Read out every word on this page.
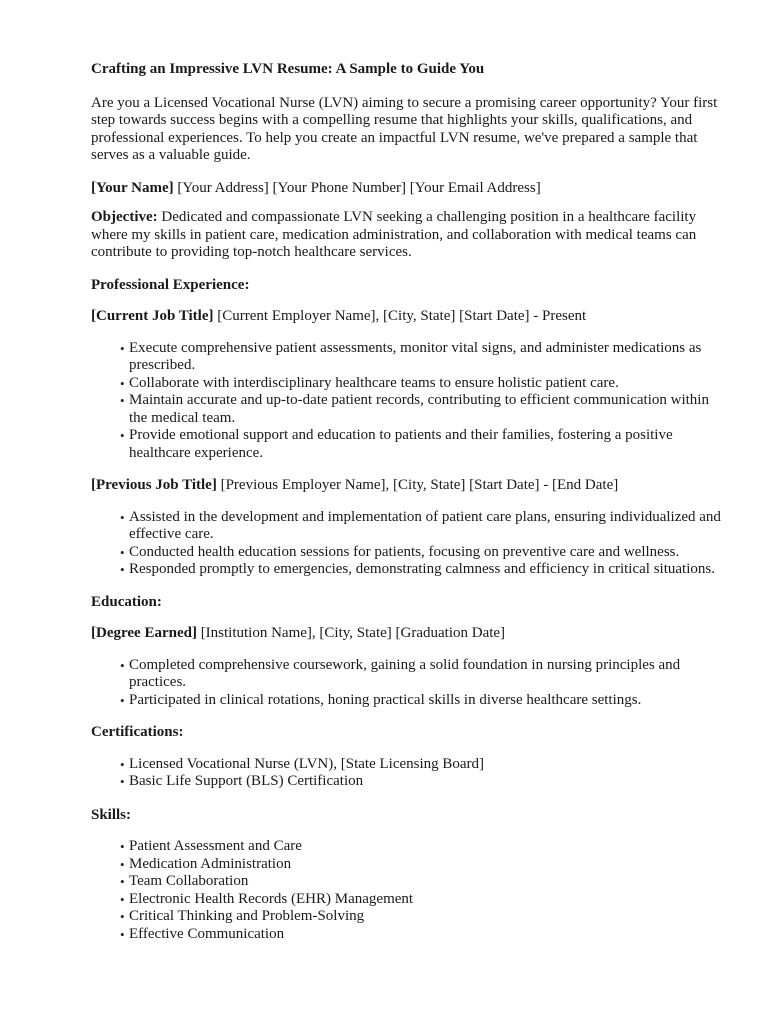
Crafting an Impressive LVN Resume: A Sample to Guide You

Are you a Licensed Vocational Nurse (LVN) aiming to secure a promising career opportunity? Your first step towards success begins with a compelling resume that highlights your skills, qualifications, and professional experiences. To help you create an impactful LVN resume, we've prepared a sample that serves as a valuable guide.

[Your Name] [Your Address] [Your Phone Number] [Your Email Address]

Objective: Dedicated and compassionate LVN seeking a challenging position in a healthcare facility where my skills in patient care, medication administration, and collaboration with medical teams can contribute to providing top-notch healthcare services.

Professional Experience:

[Current Job Title] [Current Employer Name], [City, State] [Start Date] - Present

• Execute comprehensive patient assessments, monitor vital signs, and administer medications as prescribed.
• Collaborate with interdisciplinary healthcare teams to ensure holistic patient care.
• Maintain accurate and up-to-date patient records, contributing to efficient communication within the medical team.
• Provide emotional support and education to patients and their families, fostering a positive healthcare experience.

[Previous Job Title] [Previous Employer Name], [City, State] [Start Date] - [End Date]

• Assisted in the development and implementation of patient care plans, ensuring individualized and effective care.
• Conducted health education sessions for patients, focusing on preventive care and wellness.
• Responded promptly to emergencies, demonstrating calmness and efficiency in critical situations.
Education:

[Degree Earned] [Institution Name], [City, State] [Graduation Date]

• Completed comprehensive coursework, gaining a solid foundation in nursing principles and practices.
• Participated in clinical rotations, honing practical skills in diverse healthcare settings.
Certifications:
• Licensed Vocational Nurse (LVN), [State Licensing Board]
• Basic Life Support (BLS) Certification
Skills:
• Patient Assessment and Care
• Medication Administration
• Team Collaboration
• Electronic Health Records (EHR) Management
• Critical Thinking and Problem-Solving
• Effective Communication
